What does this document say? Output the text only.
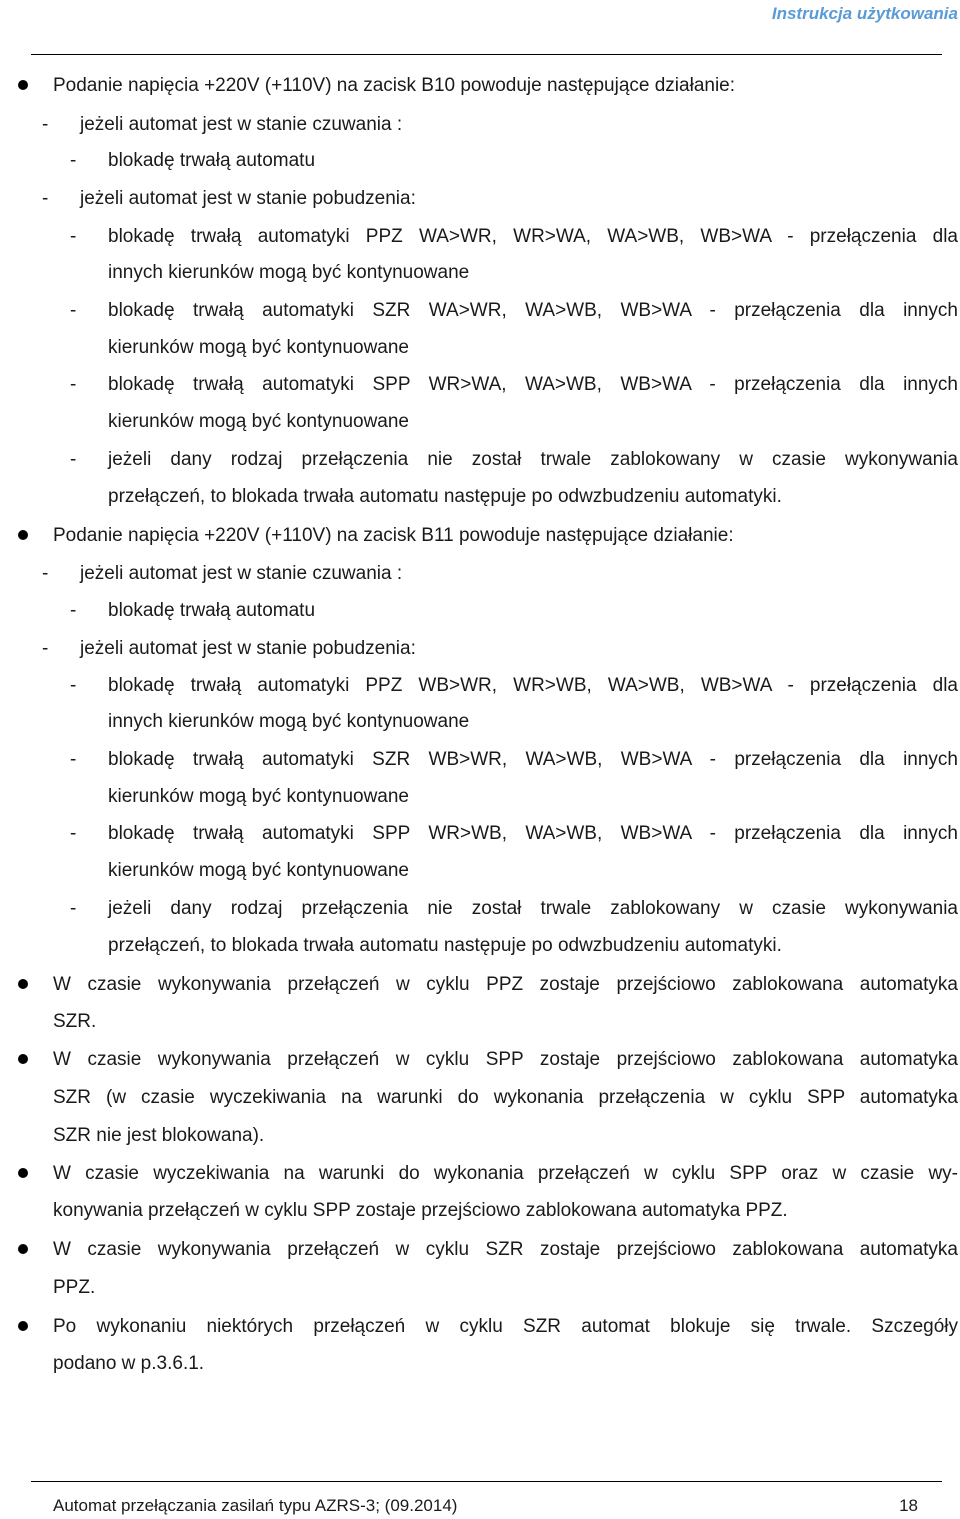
Instrukcja użytkowania
Podanie napięcia +220V (+110V) na zacisk B10 powoduje następujące działanie:
- jeżeli automat jest w stanie czuwania :
- blokadę trwałą automatu
- jeżeli automat jest w stanie pobudzenia:
- blokadę trwałą automatyki PPZ WA>WR, WR>WA, WA>WB, WB>WA - przełączenia dla
innych kierunków mogą być kontynuowane
- blokadę trwałą automatyki SZR WA>WR, WA>WB, WB>WA - przełączenia dla innych
kierunków mogą być kontynuowane
- blokadę trwałą automatyki SPP WR>WA, WA>WB, WB>WA - przełączenia dla innych
kierunków mogą być kontynuowane
- jeżeli dany rodzaj przełączenia nie został trwale zablokowany w czasie wykonywania
przełączeń, to blokada trwała automatu następuje po odwzbudzeniu automatyki.
Podanie napięcia +220V (+110V) na zacisk B11 powoduje następujące działanie:
- jeżeli automat jest w stanie czuwania :
- blokadę trwałą automatu
- jeżeli automat jest w stanie pobudzenia:
- blokadę trwałą automatyki PPZ WB>WR, WR>WB, WA>WB, WB>WA - przełączenia dla
innych kierunków mogą być kontynuowane
- blokadę trwałą automatyki SZR WB>WR, WA>WB, WB>WA - przełączenia dla innych
kierunków mogą być kontynuowane
- blokadę trwałą automatyki SPP WR>WB, WA>WB, WB>WA - przełączenia dla innych
kierunków mogą być kontynuowane
- jeżeli dany rodzaj przełączenia nie został trwale zablokowany w czasie wykonywania
przełączeń, to blokada trwała automatu następuje po odwzbudzeniu automatyki.
W czasie wykonywania przełączeń w cyklu PPZ zostaje przejściowo zablokowana automatyka
SZR.
W czasie wykonywania przełączeń w cyklu SPP zostaje przejściowo zablokowana automatyka
SZR (w czasie wyczekiwania na warunki do wykonania przełączenia w cyklu SPP automatyka
SZR nie jest blokowana).
W czasie wyczekiwania na warunki do wykonania przełączeń w cyklu SPP oraz w czasie wy-
konywania przełączeń w cyklu SPP zostaje przejściowo zablokowana automatyka PPZ.
W czasie wykonywania przełączeń w cyklu SZR zostaje przejściowo zablokowana automatyka
PPZ.
Po wykonaniu niektórych przełączeń w cyklu SZR automat blokuje się trwale. Szczegóły
podano w p.3.6.1.
Automat przełączania zasilań typu AZRS-3; (09.2014)	18
